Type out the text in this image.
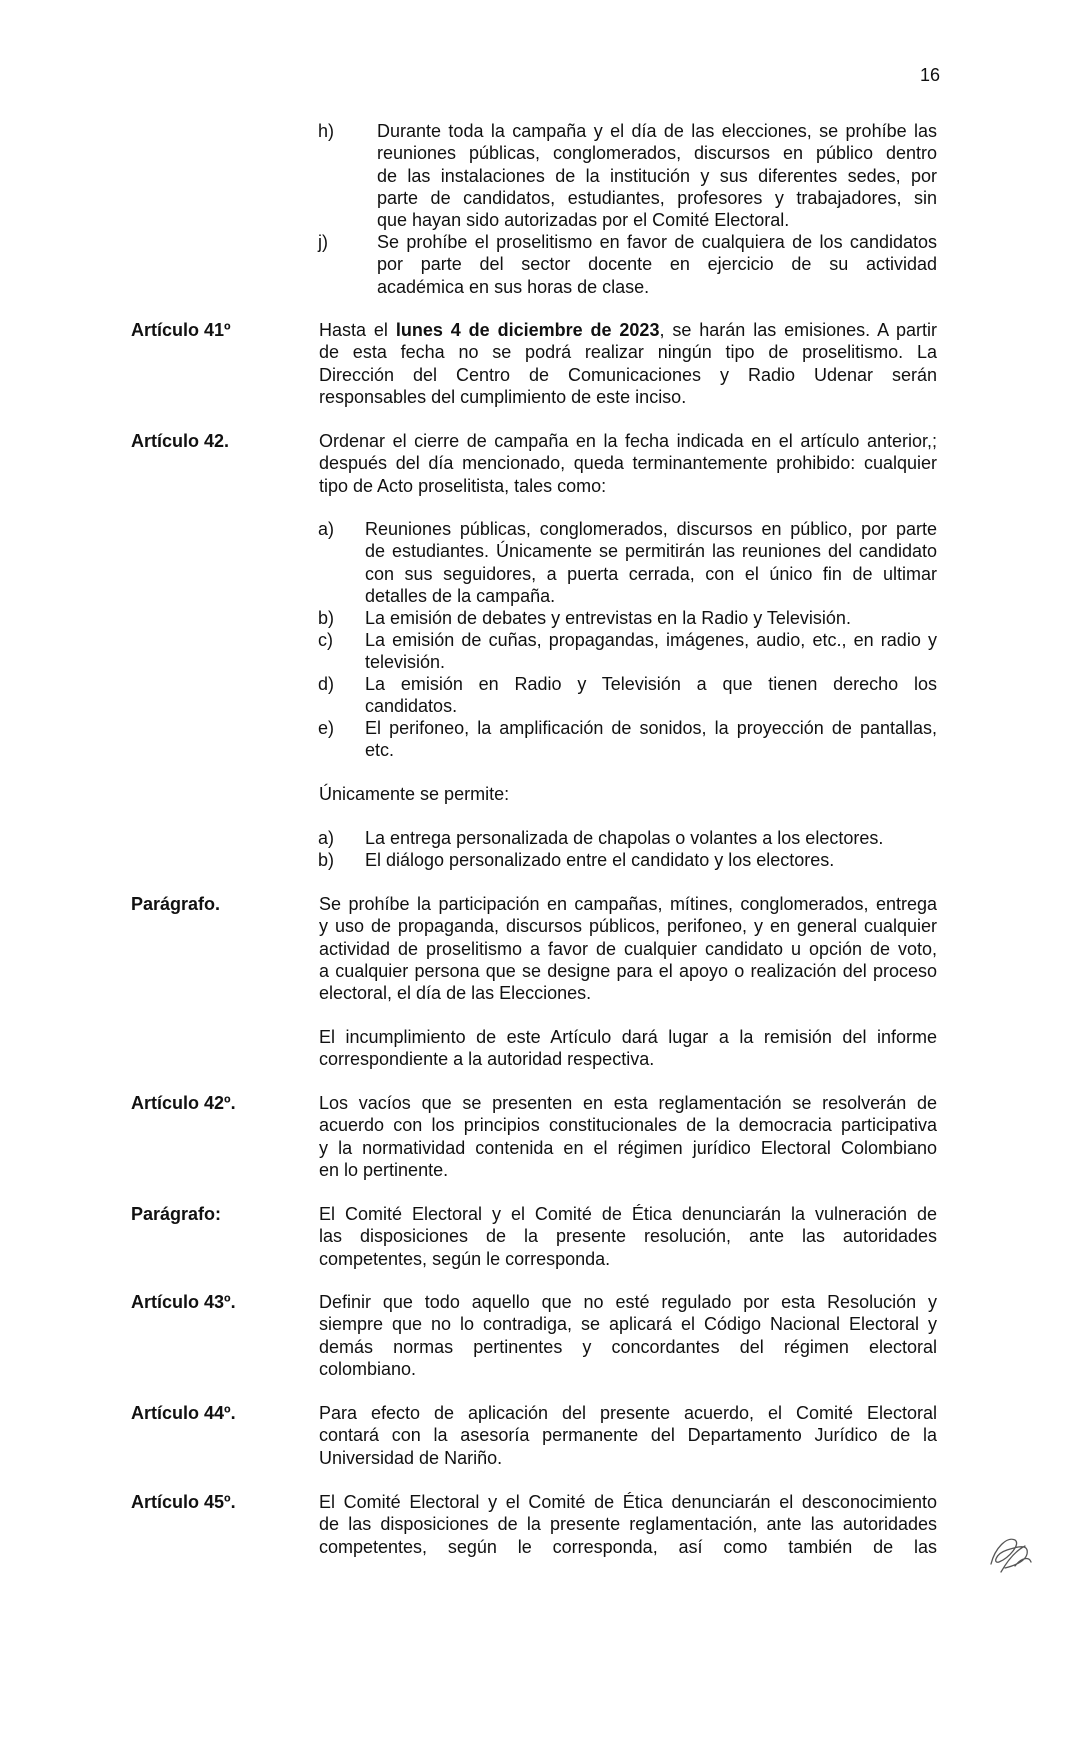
16
h) Durante toda la campaña y el día de las elecciones, se prohíbe las

reuniones públicas, conglomerados, discursos en público dentro

de las instalaciones de la institución y sus diferentes sedes, por

parte de candidatos, estudiantes, profesores y trabajadores, sin

que hayan sido autorizadas por el Comité Electoral.

j)	Se prohíbe el proselitismo en favor de cualquiera de los candidatos

por parte del sector docente en ejercicio de su actividad

académica en sus horas de clase.

Artículo 41º	Hasta el lunes 4 de diciembre de 2023, se harán las emisiones. A partir

de esta fecha no se podrá realizar ningún tipo de proselitismo. La

Dirección del Centro de Comunicaciones y Radio Udenar serán

responsables del cumplimiento de este inciso.

Artículo 42.	Ordenar el cierre de campaña en la fecha indicada en el artículo anterior,;

después del día mencionado, queda terminantemente prohibido: cualquier

tipo de Acto proselitista, tales como:

a) Reuniones públicas, conglomerados, discursos en público, por parte

de estudiantes. Únicamente se permitirán las reuniones del candidato

con sus seguidores, a puerta cerrada, con el único fin de ultimar

detalles de la campaña.

b) La emisión de debates y entrevistas en la Radio y Televisión.

c) La emisión de cuñas, propagandas, imágenes, audio, etc., en radio y

televisión.

d) La emisión en Radio y Televisión a que tienen derecho los

candidatos.

e) El perifoneo, la amplificación de sonidos, la proyección de pantallas,

etc.

Únicamente se permite:
a) La entrega personalizada de chapolas o volantes a los electores.
b) El diálogo personalizado entre el candidato y los electores.
Parágrafo.	Se prohíbe la participación en campañas, mítines, conglomerados, entrega

y uso de propaganda, discursos públicos, perifoneo, y en general cualquier

actividad de proselitismo a favor de cualquier candidato u opción de voto,

a cualquier persona que se designe para el apoyo o realización del proceso

electoral, el día de las Elecciones.

El incumplimiento de este Artículo dará lugar a la remisión del informe

correspondiente a la autoridad respectiva.

Artículo 42º.	Los vacíos que se presenten en esta reglamentación se resolverán de

acuerdo con los principios constitucionales de la democracia participativa

y la normatividad contenida en el régimen jurídico Electoral Colombiano

en lo pertinente.

Parágrafo:	El Comité Electoral y el Comité de Ética denunciarán la vulneración de

las disposiciones de la presente resolución, ante las autoridades

competentes, según le corresponda.

Artículo 43º.	Definir que todo aquello que no esté regulado por esta Resolución y

siempre que no lo contradiga, se aplicará el Código Nacional Electoral y

demás normas pertinentes y concordantes del régimen electoral

colombiano.

Artículo 44º.	Para efecto de aplicación del presente acuerdo, el Comité Electoral

contará con la asesoría permanente del Departamento Jurídico de la

Universidad de Nariño.

Artículo 45º.	El Comité Electoral y el Comité de Ética denunciarán el desconocimiento

de las disposiciones de la presente reglamentación, ante las autoridades

competentes, según le corresponda, así como también de las
